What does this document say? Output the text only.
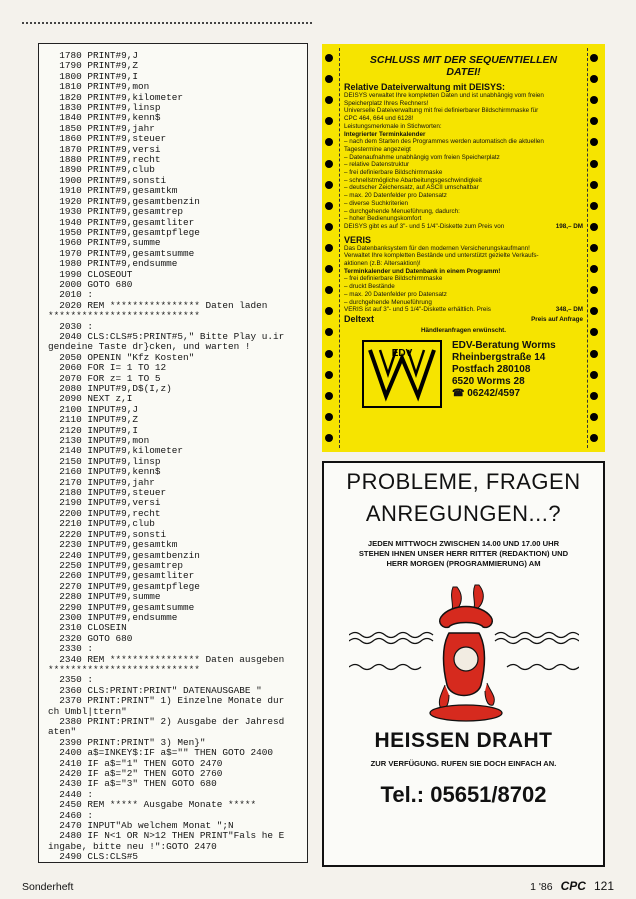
1780 PRINT#9,J
1790 PRINT#9,Z
1800 PRINT#9,I
1810 PRINT#9,mon
1820 PRINT#9,kilometer
1830 PRINT#9,linsp
1840 PRINT#9,kenn$
1850 PRINT#9,jahr
1860 PRINT#9,steuer
1870 PRINT#9,versi
1880 PRINT#9,recht
1890 PRINT#9,club
1900 PRINT#9,sonsti
1910 PRINT#9,gesamtkm
1920 PRINT#9,gesamtbenzin
1930 PRINT#9,gesamtrep
1940 PRINT#9,gesamtliter
1950 PRINT#9,gesamtpflege
1960 PRINT#9,summe
1970 PRINT#9,gesamtsumme
1980 PRINT#9,endsumme
1990 CLOSEOUT
2000 GOTO 680
2010 :
2020 REM **************** Daten laden
***************************
2030 :
2040 CLS:CLS#5:PRINT#5," Bitte Play u.ir
gendeine Taste dr}cken, und warten !
2050 OPENIN "Kfz Kosten"
2060 FOR I= 1 TO 12
2070 FOR z= 1 TO 5
2080 INPUT#9,D$(I,z)
2090 NEXT z,I
2100 INPUT#9,J
2110 INPUT#9,Z
2120 INPUT#9,I
2130 INPUT#9,mon
2140 INPUT#9,kilometer
2150 INPUT#9,linsp
2160 INPUT#9,kenn$
2170 INPUT#9,jahr
2180 INPUT#9,steuer
2190 INPUT#9,versi
2200 INPUT#9,recht
2210 INPUT#9,club
2220 INPUT#9,sonsti
2230 INPUT#9,gesamtkm
2240 INPUT#9,gesamtbenzin
2250 INPUT#9,gesamtrep
2260 INPUT#9,gesamtliter
2270 INPUT#9,gesamtpflege
2280 INPUT#9,summe
2290 INPUT#9,gesamtsumme
2300 INPUT#9,endsumme
2310 CLOSEIN
2320 GOTO 680
2330 :
2340 REM **************** Daten ausgeben
***************************
2350 :
2360 CLS:PRINT:PRINT" DATENAUSGABE "
2370 PRINT:PRINT" 1) Einzelne Monate dur
ch Umbl|ttern"
2380 PRINT:PRINT" 2) Ausgabe der Jahresd
aten"
2390 PRINT:PRINT" 3) Men}"
2400 a$=INKEY$:IF a$="" THEN GOTO 2400
2410 IF a$="1" THEN GOTO 2470
2420 IF a$="2" THEN GOTO 2760
2430 IF a$="3" THEN GOTO 680
2440 :
2450 REM ***** Ausgabe Monate *****
2460 :
2470 INPUT"Ab welchem Monat ";N
2480 IF N<1 OR N>12 THEN PRINT"Fals he E
ingabe, bitte neu !":GOTO 2470
2490 CLS:CLS#5
SCHLUSS MIT DER SEQUENTIELLEN
DATEI!
Relative Dateiverwaltung mit DEISYS:
DEISYS verwaltet Ihre kompletten Daten und ist unabhängig vom freien
Speicherplatz Ihres Rechners!
Universelle Dateiverwaltung mit frei definierbarer Bildschirmmaske für
CPC 464, 664 und 6128!
Leistungsmerkmale in Stichworten:
Integrierter Terminkalender
– nach dem Starten des Programmes werden automatisch die aktuellen
Tagestermine angezeigt
– Datenaufnahme unabhängig vom freien Speicherplatz
– relative Datenstruktur
– frei definierbare Bildschirmmaske
– schnellstmögliche Abarbeitungsgeschwindigkeit
– deutscher Zeichensatz, auf ASCII umschaltbar
– max. 20 Datenfelder pro Datensatz
– diverse Suchkriterien
– durchgehende Menueführung, dadurch:
– hoher Bedienungskomfort
DEISYS gibt es auf 3"- und 5 1/4"-Diskette zum Preis von	198,– DM
VERIS
Das Datenbanksystem für den modernen Versicherungskaufmann!
Verwaltet Ihre kompletten Bestände und unterstützt gezielte Verkaufs-
aktionen (z.B: Altersaktion)!
Terminkalender und Datenbank in einem Programm!
– frei definierbare Bildschirmmaske
– druckt Bestände
– max. 20 Datenfelder pro Datensatz
– durchgehende Menueführung
VERIS ist auf 3"- und 5 1/4"-Diskette erhältlich. Preis	348,– DM
Deltext	Preis auf Anfrage
Händleranfragen erwünscht.
EDV
EDV-Beratung Worms
Rheinbergstraße 14
Postfach 280108
6520 Worms 28
☎ 06242/4597
PROBLEME, FRAGEN
ANREGUNGEN...?
JEDEN MITTWOCH ZWISCHEN 14.00 UND 17.00 UHR
STEHEN IHNEN UNSER HERR RITTER (REDAKTION) UND
HERR MORGEN (PROGRAMMIERUNG) AM
HEISSEN DRAHT
ZUR VERFÜGUNG. RUFEN SIE DOCH EINFACH AN.
Tel.: 05651/8702
Sonderheft	1 '86 CPC 121
